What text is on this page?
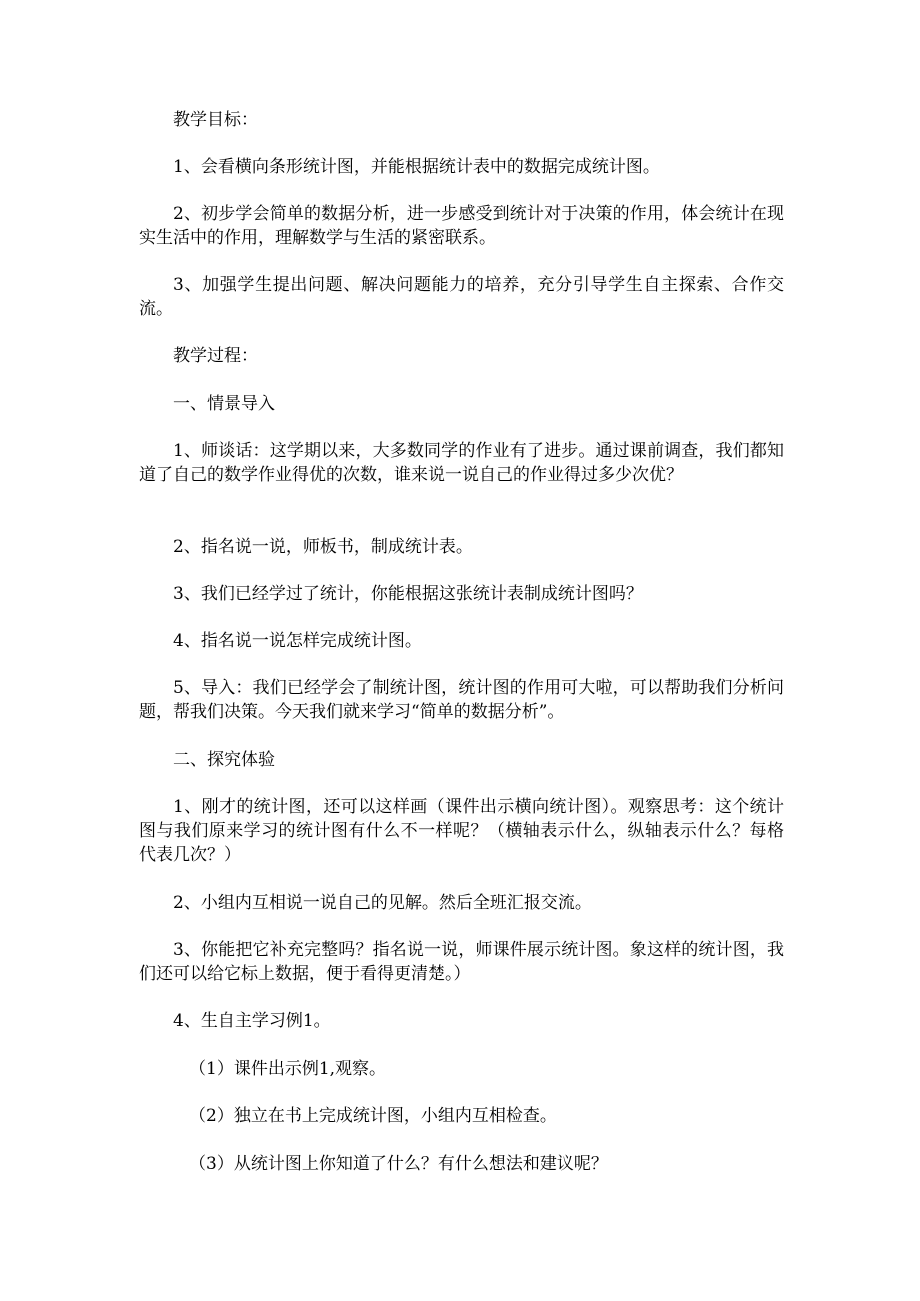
教学目标：

1、会看横向条形统计图，并能根据统计表中的数据完成统计图。

2、初步学会简单的数据分析，进一步感受到统计对于决策的作用，体会统计在现实生活中的作用，理解数学与生活的紧密联系。

3、加强学生提出问题、解决问题能力的培养，充分引导学生自主探索、合作交流。

教学过程：

一、情景导入

1、师谈话：这学期以来，大多数同学的作业有了进步。通过课前调查，我们都知道了自己的数学作业得优的次数，谁来说一说自己的作业得过多少次优？

2、指名说一说，师板书，制成统计表。

3、我们已经学过了统计，你能根据这张统计表制成统计图吗？

4、指名说一说怎样完成统计图。

5、导入：我们已经学会了制统计图，统计图的作用可大啦，可以帮助我们分析问题，帮我们决策。今天我们就来学习“简单的数据分析”。

二、探究体验

1、刚才的统计图，还可以这样画（课件出示横向统计图）。观察思考：这个统计图与我们原来学习的统计图有什么不一样呢？（横轴表示什么，纵轴表示什么？每格代表几次？）

2、小组内互相说一说自己的见解。然后全班汇报交流。

3、你能把它补充完整吗？指名说一说，师课件展示统计图。象这样的统计图，我们还可以给它标上数据，便于看得更清楚。）

4、生自主学习例1。

（1）课件出示例1,观察。

（2）独立在书上完成统计图，小组内互相检查。

（3）从统计图上你知道了什么？有什么想法和建议呢？
